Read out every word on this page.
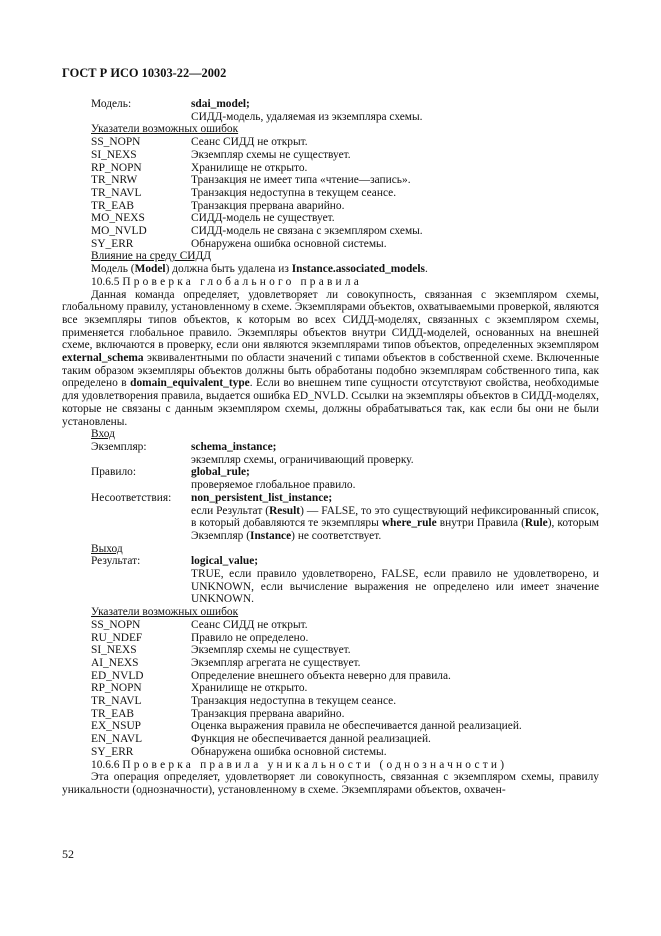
ГОСТ Р ИСО 10303-22—2002
Модель:	sdai_model;
СИДД-модель, удаляемая из экземпляра схемы.
Указатели возможных ошибок
SS_NOPN	Сеанс СИДД не открыт.
SI_NEXS	Экземпляр схемы не существует.
RP_NOPN	Хранилище не открыто.
TR_NRW	Транзакция не имеет типа «чтение—запись».
TR_NAVL	Транзакция недоступна в текущем сеансе.
TR_EAB	Транзакция прервана аварийно.
MO_NEXS	СИДД-модель не существует.
MO_NVLD	СИДД-модель не связана с экземпляром схемы.
SY_ERR	Обнаружена ошибка основной системы.
Влияние на среду СИДД
Модель (Model) должна быть удалена из Instance.associated_models.
10.6.5 Проверка глобального правила
Данная команда определяет, удовлетворяет ли совокупность, связанная с экземпляром схемы, глобальному правилу, установленному в схеме. Экземплярами объектов, охватываемыми проверкой, являются все экземпляры типов объектов, к которым во всех СИДД-моделях, связанных с экземпляром схемы, применяется глобальное правило. Экземпляры объектов внутри СИДД-моделей, основанных на внешней схеме, включаются в проверку, если они являются экземплярами типов объектов, определенных экземпляром external_schema эквивалентными по области значений с типами объектов в собственной схеме. Включенные таким образом экземпляры объектов должны быть обработаны подобно экземплярам собственного типа, как определено в domain_equivalent_type. Если во внешнем типе сущности отсутствуют свойства, необходимые для удовлетворения правила, выдается ошибка ED_NVLD. Ссылки на экземпляры объектов в СИДД-моделях, которые не связаны с данным экземпляром схемы, должны обрабатываться так, как если бы они не были установлены.
Вход
Экземпляр:	schema_instance;
экземпляр схемы, ограничивающий проверку.
Правило:	global_rule;
проверяемое глобальное правило.
Несоответствия:	non_persistent_list_instance;
если Результат (Result) — FALSE, то это существующий нефиксированный список, в который добавляются те экземпляры where_rule внутри Правила (Rule), которым Экземпляр (Instance) не соответствует.
Выход
Результат:	logical_value;
TRUE, если правило удовлетворено, FALSE, если правило не удовлетворено, и UNKNOWN, если вычисление выражения не определено или имеет значение UNKNOWN.
Указатели возможных ошибок
SS_NOPN	Сеанс СИДД не открыт.
RU_NDEF	Правило не определено.
SI_NEXS	Экземпляр схемы не существует.
AI_NEXS	Экземпляр агрегата не существует.
ED_NVLD	Определение внешнего объекта неверно для правила.
RP_NOPN	Хранилище не открыто.
TR_NAVL	Транзакция недоступна в текущем сеансе.
TR_EAB	Транзакция прервана аварийно.
EX_NSUP	Оценка выражения правила не обеспечивается данной реализацией.
EN_NAVL	Функция не обеспечивается данной реализацией.
SY_ERR	Обнаружена ошибка основной системы.
10.6.6 Проверка правила уникальности (однозначности)
Эта операция определяет, удовлетворяет ли совокупность, связанная с экземпляром схемы, правилу уникальности (однозначности), установленному в схеме. Экземплярами объектов, охвачен-
52
